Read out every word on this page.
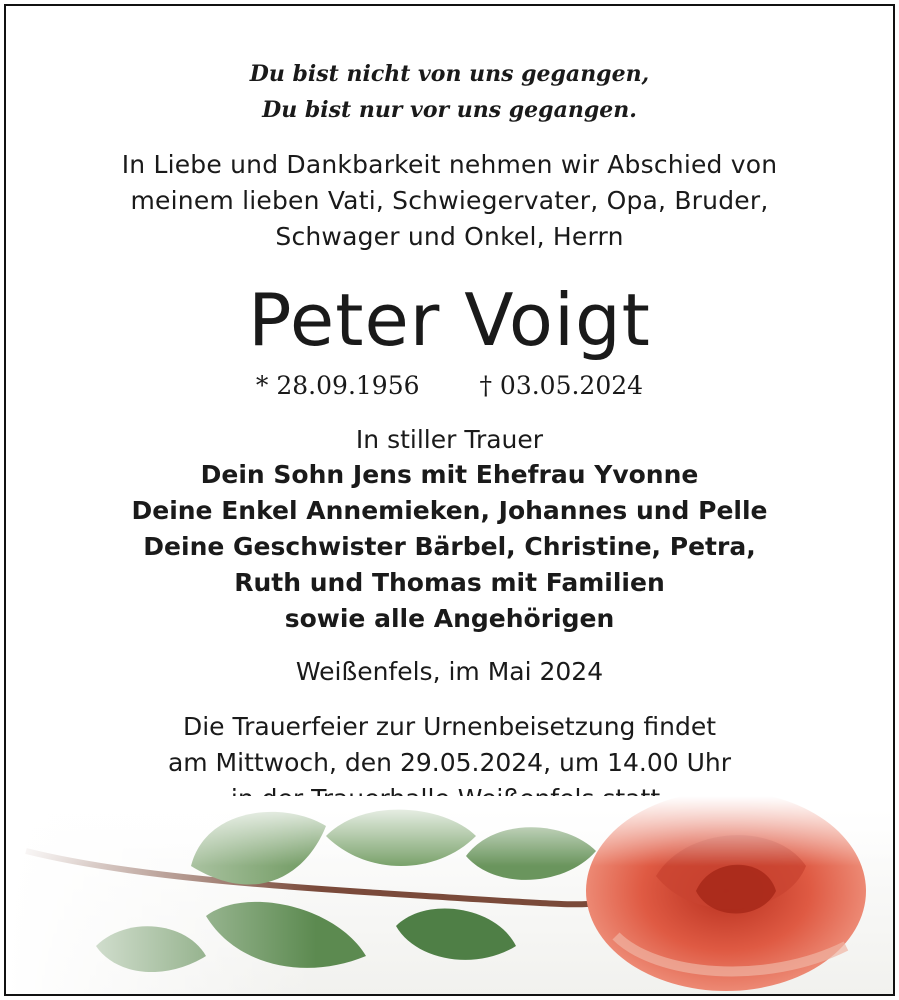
Du bist nicht von uns gegangen,
Du bist nur vor uns gegangen.
In Liebe und Dankbarkeit nehmen wir Abschied von
meinem lieben Vati, Schwiegervater, Opa, Bruder,
Schwager und Onkel, Herrn
Peter Voigt
* 28.09.1956 † 03.05.2024
In stiller Trauer
Dein Sohn Jens mit Ehefrau Yvonne
Deine Enkel Annemieken, Johannes und Pelle
Deine Geschwister Bärbel, Christine, Petra,
Ruth und Thomas mit Familien
sowie alle Angehörigen
Weißenfels, im Mai 2024
Die Trauerfeier zur Urnenbeisetzung findet
am Mittwoch, den 29.05.2024, um 14.00 Uhr
